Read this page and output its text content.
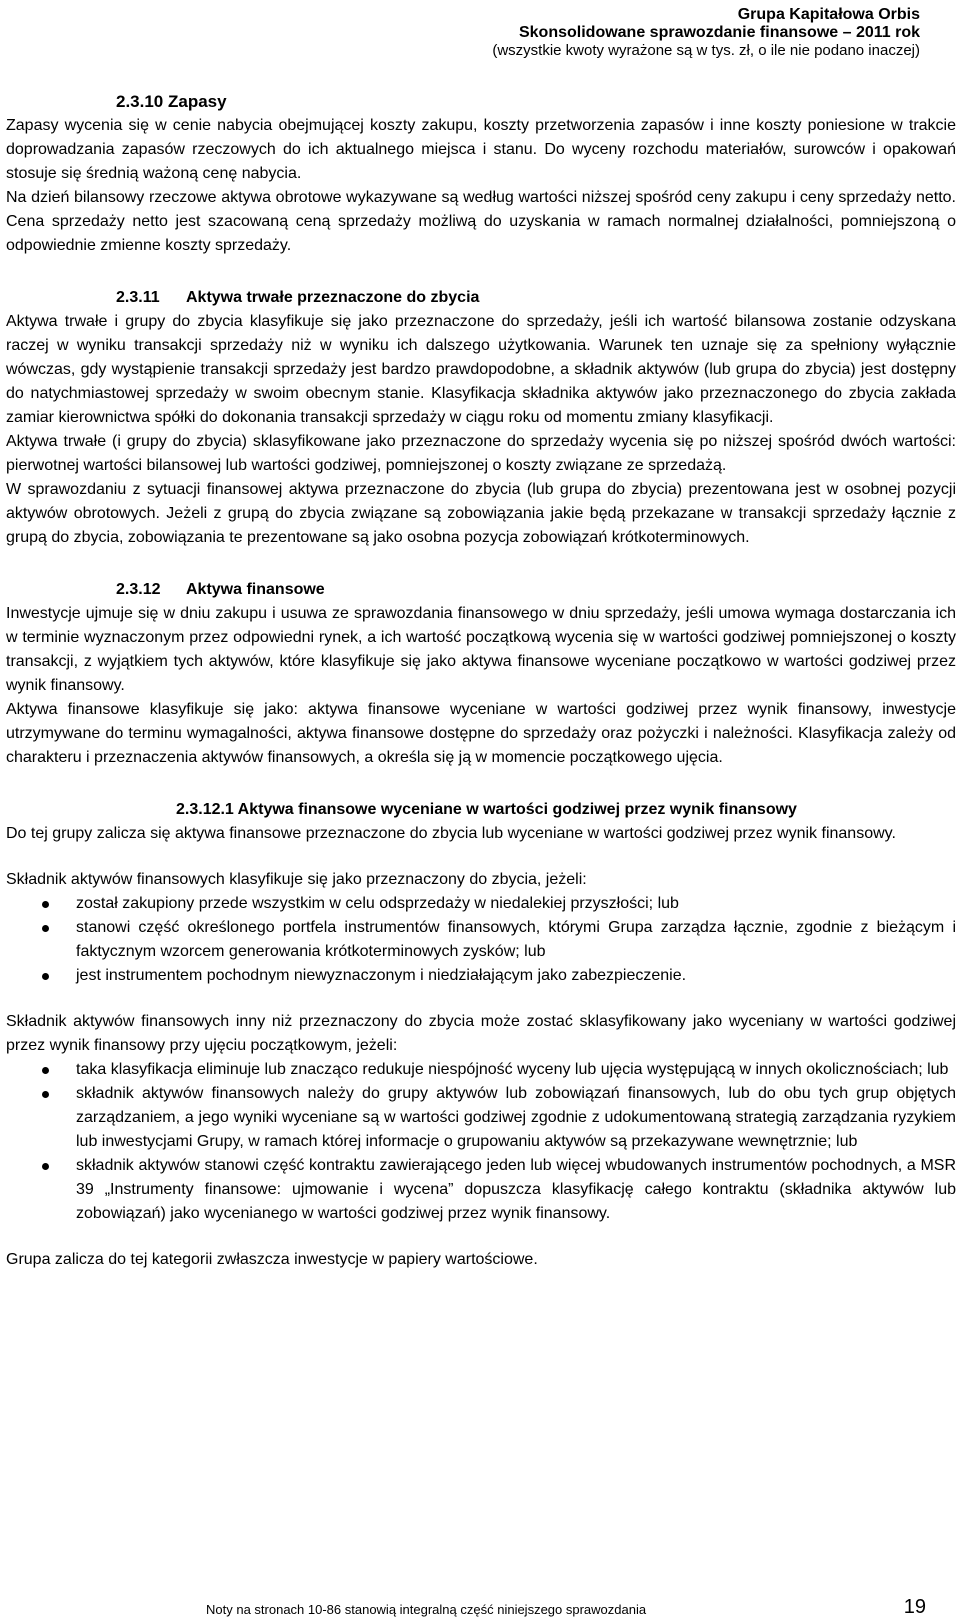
Grupa Kapitałowa Orbis
Skonsolidowane sprawozdanie finansowe – 2011 rok
(wszystkie kwoty wyrażone są w tys. zł, o ile nie podano inaczej)

2.3.10 Zapasy

Zapasy wycenia się w cenie nabycia obejmującej koszty zakupu, koszty przetworzenia zapasów i inne koszty poniesione w trakcie doprowadzania zapasów rzeczowych do ich aktualnego miejsca i stanu. Do wyceny rozchodu materiałów, surowców i opakowań stosuje się średnią ważoną cenę nabycia.

Na dzień bilansowy rzeczowe aktywa obrotowe wykazywane są według wartości niższej spośród ceny zakupu i ceny sprzedaży netto. Cena sprzedaży netto jest szacowaną ceną sprzedaży możliwą do uzyskania w ramach normalnej działalności, pomniejszoną o odpowiednie zmienne koszty sprzedaży.

2.3.11 Aktywa trwałe przeznaczone do zbycia

Aktywa trwałe i grupy do zbycia klasyfikuje się jako przeznaczone do sprzedaży, jeśli ich wartość bilansowa zostanie odzyskana raczej w wyniku transakcji sprzedaży niż w wyniku ich dalszego użytkowania. Warunek ten uznaje się za spełniony wyłącznie wówczas, gdy wystąpienie transakcji sprzedaży jest bardzo prawdopodobne, a składnik aktywów (lub grupa do zbycia) jest dostępny do natychmiastowej sprzedaży w swoim obecnym stanie. Klasyfikacja składnika aktywów jako przeznaczonego do zbycia zakłada zamiar kierownictwa spółki do dokonania transakcji sprzedaży w ciągu roku od momentu zmiany klasyfikacji.

Aktywa trwałe (i grupy do zbycia) sklasyfikowane jako przeznaczone do sprzedaży wycenia się po niższej spośród dwóch wartości: pierwotnej wartości bilansowej lub wartości godziwej, pomniejszonej o koszty związane ze sprzedażą.

W sprawozdaniu z sytuacji finansowej aktywa przeznaczone do zbycia (lub grupa do zbycia) prezentowana jest w osobnej pozycji aktywów obrotowych. Jeżeli z grupą do zbycia związane są zobowiązania jakie będą przekazane w transakcji sprzedaży łącznie z grupą do zbycia, zobowiązania te prezentowane są jako osobna pozycja zobowiązań krótkoterminowych.

2.3.12 Aktywa finansowe

Inwestycje ujmuje się w dniu zakupu i usuwa ze sprawozdania finansowego w dniu sprzedaży, jeśli umowa wymaga dostarczania ich w terminie wyznaczonym przez odpowiedni rynek, a ich wartość początkową wycenia się w wartości godziwej pomniejszonej o koszty transakcji, z wyjątkiem tych aktywów, które klasyfikuje się jako aktywa finansowe wyceniane początkowo w wartości godziwej przez wynik finansowy.

Aktywa finansowe klasyfikuje się jako: aktywa finansowe wyceniane w wartości godziwej przez wynik finansowy, inwestycje utrzymywane do terminu wymagalności, aktywa finansowe dostępne do sprzedaży oraz pożyczki i należności. Klasyfikacja zależy od charakteru i przeznaczenia aktywów finansowych, a określa się ją w momencie początkowego ujęcia.

2.3.12.1 Aktywa finansowe wyceniane w wartości godziwej przez wynik finansowy

Do tej grupy zalicza się aktywa finansowe przeznaczone do zbycia lub wyceniane w wartości godziwej przez wynik finansowy.

Składnik aktywów finansowych klasyfikuje się jako przeznaczony do zbycia, jeżeli:

został zakupiony przede wszystkim w celu odsprzedaży w niedalekiej przyszłości; lub
stanowi część określonego portfela instrumentów finansowych, którymi Grupa zarządza łącznie, zgodnie z bieżącym i faktycznym wzorcem generowania krótkoterminowych zysków; lub
jest instrumentem pochodnym niewyznaczonym i niedziałającym jako zabezpieczenie.

Składnik aktywów finansowych inny niż przeznaczony do zbycia może zostać sklasyfikowany jako wyceniany w wartości godziwej przez wynik finansowy przy ujęciu początkowym, jeżeli:

taka klasyfikacja eliminuje lub znacząco redukuje niespójność wyceny lub ujęcia występującą w innych okolicznościach; lub
składnik aktywów finansowych należy do grupy aktywów lub zobowiązań finansowych, lub do obu tych grup objętych zarządzaniem, a jego wyniki wyceniane są w wartości godziwej zgodnie z udokumentowaną strategią zarządzania ryzykiem lub inwestycjami Grupy, w ramach której informacje o grupowaniu aktywów są przekazywane wewnętrznie; lub
składnik aktywów stanowi część kontraktu zawierającego jeden lub więcej wbudowanych instrumentów pochodnych, a MSR 39 „Instrumenty finansowe: ujmowanie i wycena” dopuszcza klasyfikację całego kontraktu (składnika aktywów lub zobowiązań) jako wycenianego w wartości godziwej przez wynik finansowy.

Grupa zalicza do tej kategorii zwłaszcza inwestycje w papiery wartościowe.

Noty na stronach 10-86 stanowią integralną część niniejszego sprawozdania	19
